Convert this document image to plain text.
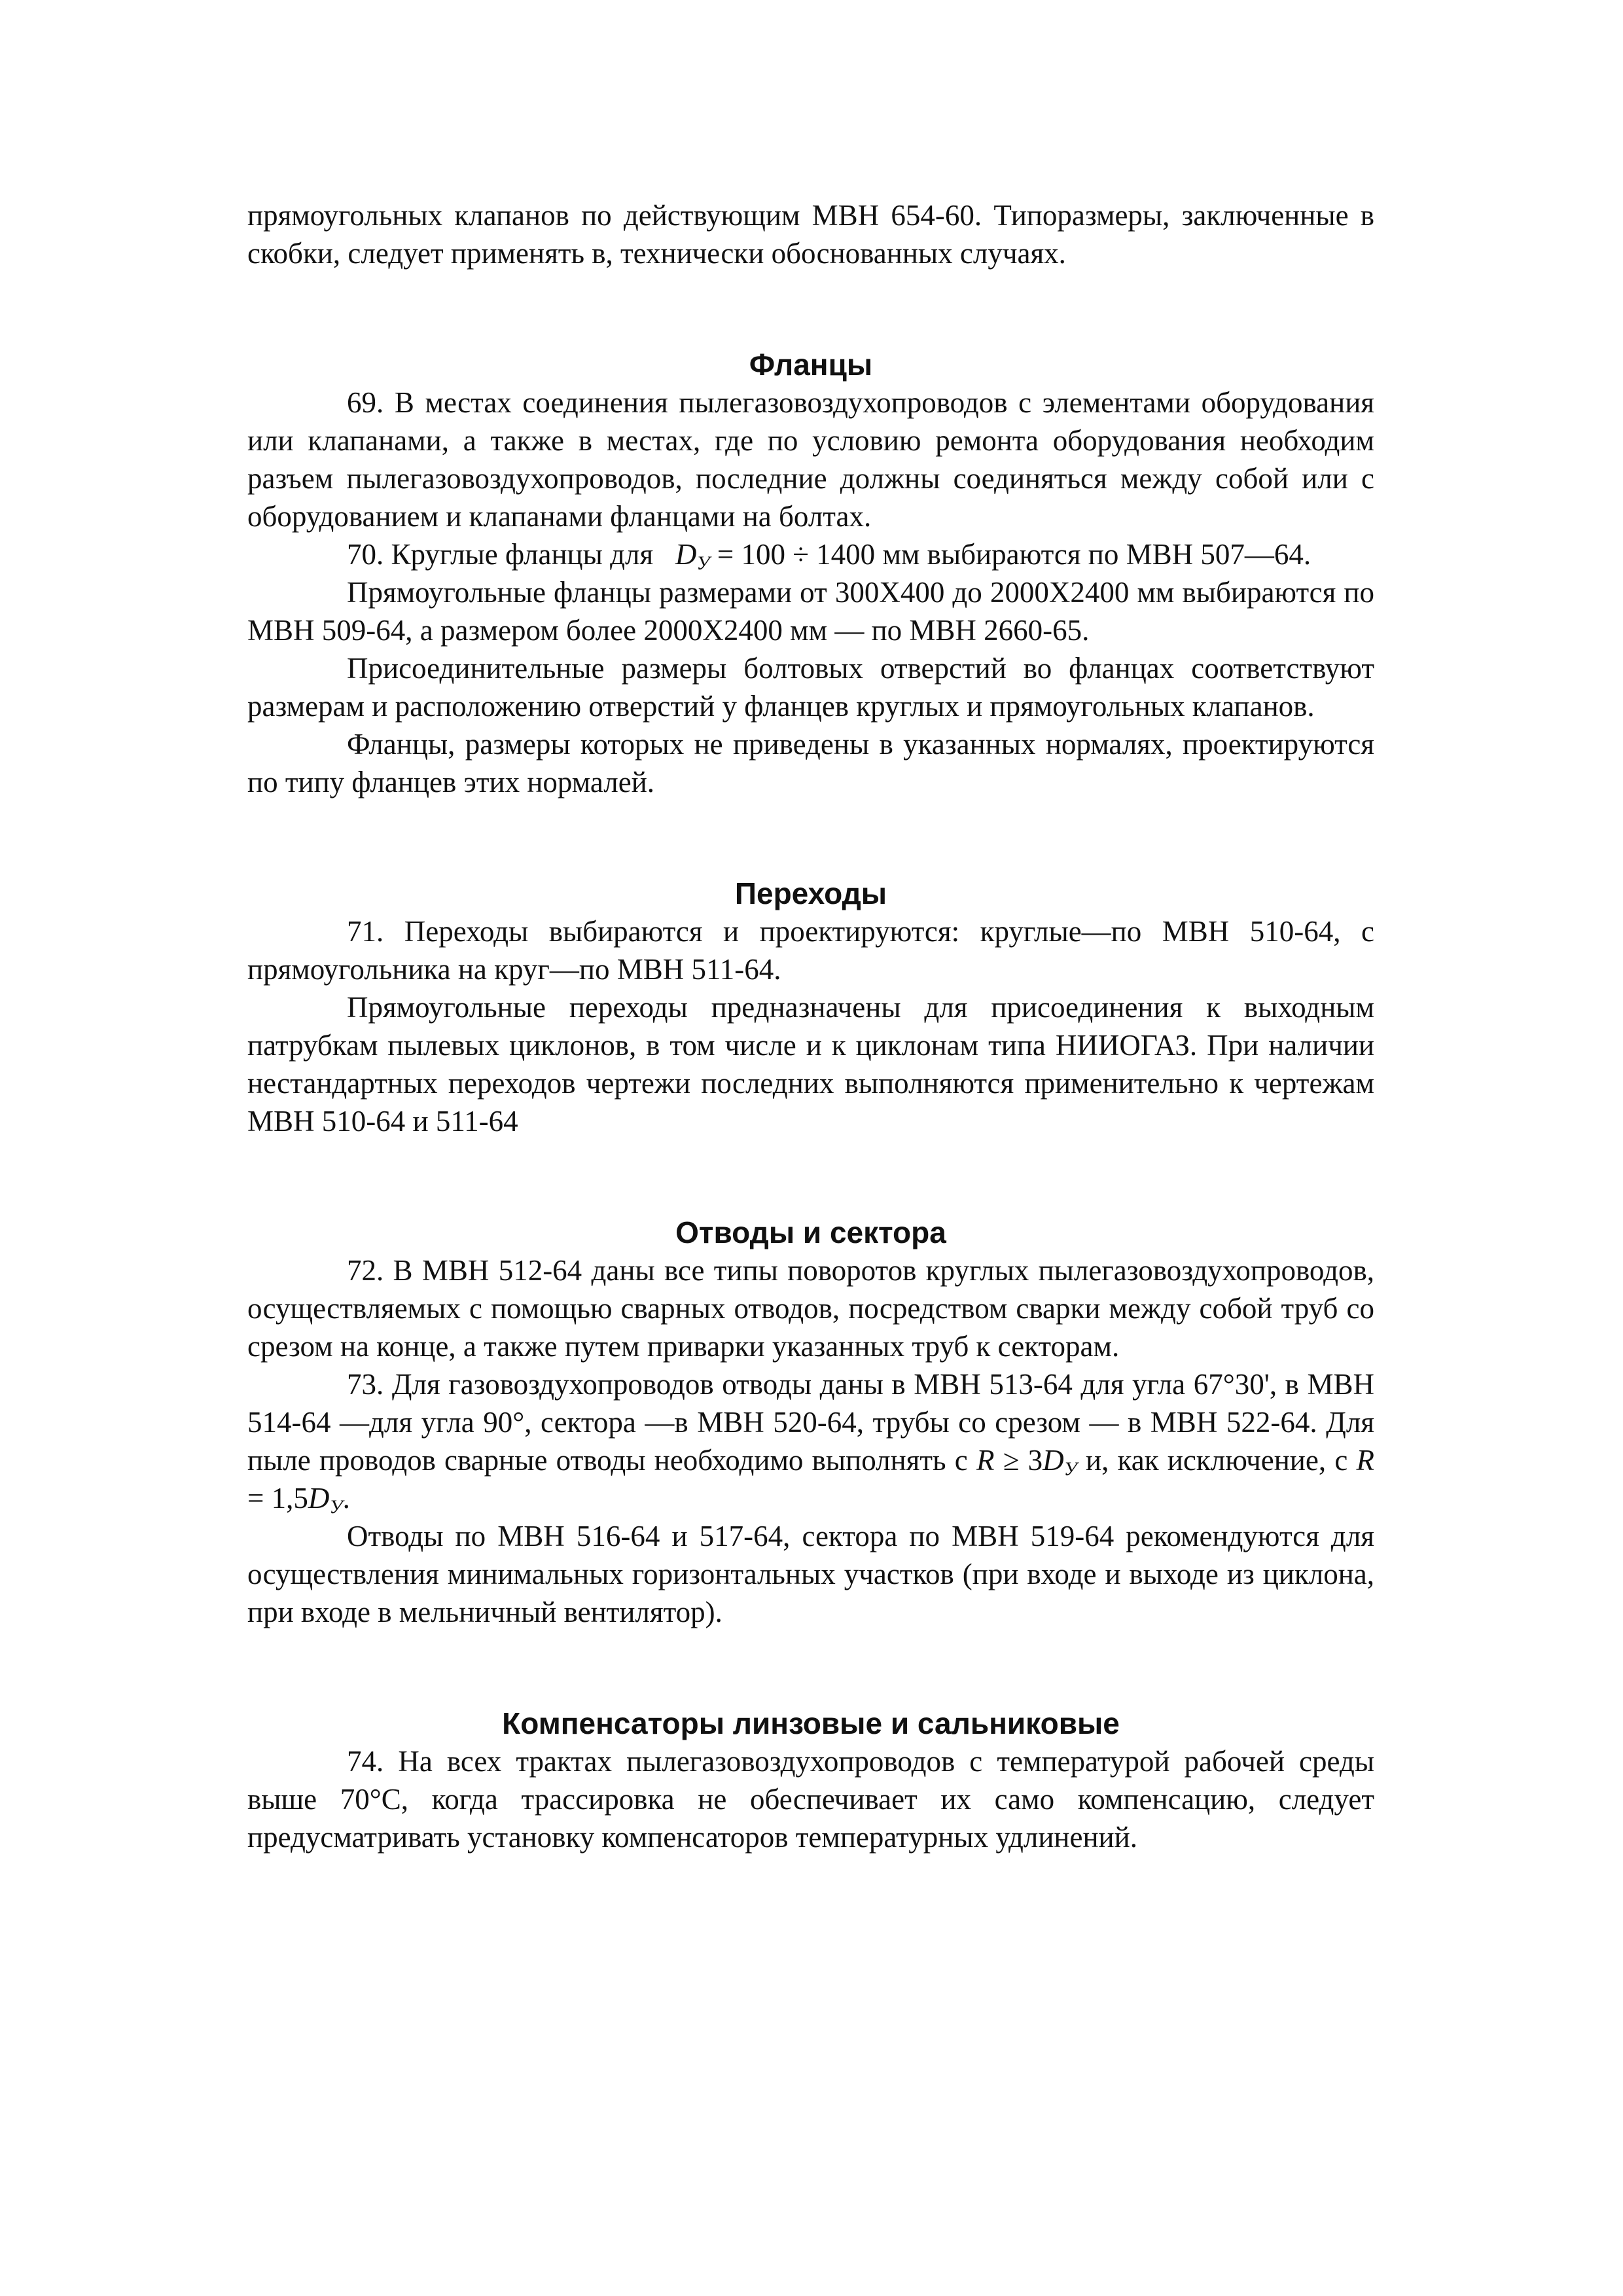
прямоугольных клапанов по действующим МВН 654-60. Типоразмеры, заключенные в скобки, следует применять в, технически обоснованных случаях.

Фланцы

69. В местах соединения пылегазовоздухопроводов с элементами оборудования или клапанами, а также в местах, где по условию ремонта оборудования необходим разъем пылегазовоздухопроводов, последние должны соединяться между собой или с оборудованием и клапанами фланцами на болтах.

70. Круглые фланцы для $D_У = 100 \div 1400$ мм выбираются по МВН 507—64.

Прямоугольные фланцы размерами от 300Х400 до 2000Х2400 мм выбираются по МВН 509-64, а размером более 2000Х2400 мм — по МВН 2660-65.

Присоединительные размеры болтовых отверстий во фланцах соответствуют размерам и расположению отверстий у фланцев круглых и прямоугольных клапанов.

Фланцы, размеры которых не приведены в указанных нормалях, проектируются по типу фланцев этих нормалей.

Переходы

71. Переходы выбираются и проектируются: круглые—по МВН 510-64, с прямоугольника на круг—по МВН 511-64.

Прямоугольные переходы предназначены для присоединения к выходным патрубкам пылевых циклонов, в том числе и к циклонам типа НИИОГАЗ. При наличии нестандартных переходов чертежи последних выполняются применительно к чертежам МВН 510-64 и 511-64

Отводы и сектора

72. В МВН 512-64 даны все типы поворотов круглых пылегазовоздухопроводов, осуществляемых с помощью сварных отводов, посредством сварки между собой труб со срезом на конце, а также путем приварки указанных труб к секторам.

73. Для газовоздухопроводов отводы даны в МВН 513-64 для угла 67°30', в МВН 514-64 —для угла 90°, сектора —в МВН 520-64, трубы со срезом — в МВН 522-64. Для пыле проводов сварные отводы необходимо выполнять с $R \ge 3D_У$ и, как исключение, с $R = 1,5D_У$.

Отводы по МВН 516-64 и 517-64, сектора по МВН 519-64 рекомендуются для осуществления минимальных горизонтальных участков (при входе и выходе из циклона, при входе в мельничный вентилятор).

Компенсаторы линзовые и сальниковые

74. На всех трактах пылегазовоздухопроводов с температурой рабочей среды выше 70°С, когда трассировка не обеспечивает их само компенсацию, следует предусматривать установку компенсаторов температурных удлинений.
